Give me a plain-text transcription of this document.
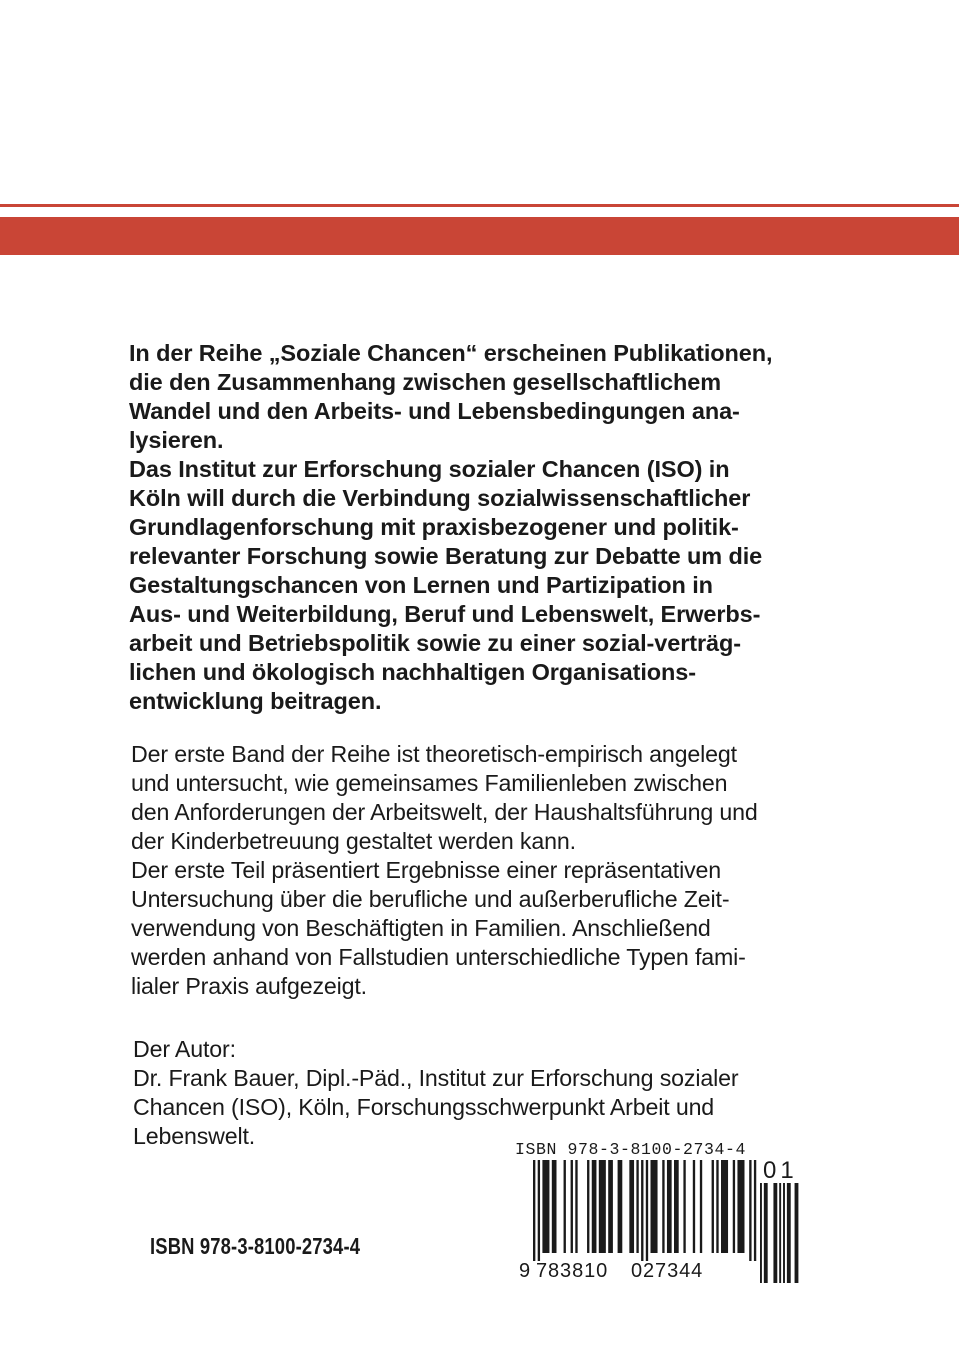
In der Reihe „Soziale Chancen“ erscheinen Publikationen,
die den Zusammenhang zwischen gesellschaftlichem
Wandel und den Arbeits- und Lebensbedingungen ana-
lysieren.
Das Institut zur Erforschung sozialer Chancen (ISO) in
Köln will durch die Verbindung sozialwissenschaftlicher
Grundlagenforschung mit praxisbezogener und politik-
relevanter Forschung sowie Beratung zur Debatte um die
Gestaltungschancen von Lernen und Partizipation in
Aus- und Weiterbildung, Beruf und Lebenswelt, Erwerbs-
arbeit und Betriebspolitik sowie zu einer sozial-verträg-
lichen und ökologisch nachhaltigen Organisations-
entwicklung beitragen.
Der erste Band der Reihe ist theoretisch-empirisch angelegt
und untersucht, wie gemeinsames Familienleben zwischen
den Anforderungen der Arbeitswelt, der Haushaltsführung und
der Kinderbetreuung gestaltet werden kann.
Der erste Teil präsentiert Ergebnisse einer repräsentativen
Untersuchung über die berufliche und außerberufliche Zeit-
verwendung von Beschäftigten in Familien. Anschließend
werden anhand von Fallstudien unterschiedliche Typen fami-
lialer Praxis aufgezeigt.
Der Autor:
Dr. Frank Bauer, Dipl.-Päd., Institut zur Erforschung sozialer
Chancen (ISO), Köln, Forschungsschwerpunkt Arbeit und
Lebenswelt.
ISBN 978-3-8100-2734-4
ISBN 978-3-8100-2734-4
9 783810 027344
01
